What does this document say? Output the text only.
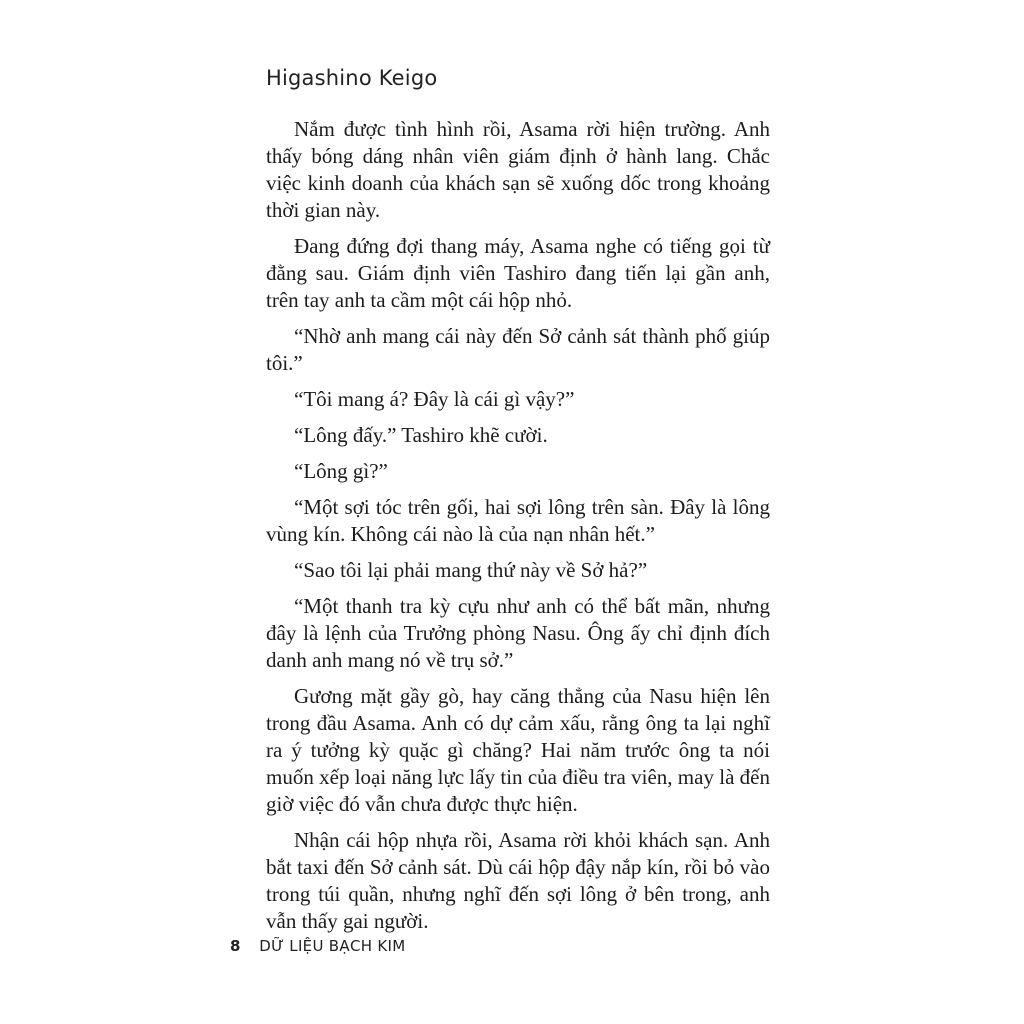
Higashino Keigo

Nắm được tình hình rồi, Asama rời hiện trường. Anh thấy bóng dáng nhân viên giám định ở hành lang. Chắc việc kinh doanh của khách sạn sẽ xuống dốc trong khoảng thời gian này.

Đang đứng đợi thang máy, Asama nghe có tiếng gọi từ đằng sau. Giám định viên Tashiro đang tiến lại gần anh, trên tay anh ta cầm một cái hộp nhỏ.

“Nhờ anh mang cái này đến Sở cảnh sát thành phố giúp tôi.”

“Tôi mang á? Đây là cái gì vậy?”

“Lông đấy.” Tashiro khẽ cười.

“Lông gì?”

“Một sợi tóc trên gối, hai sợi lông trên sàn. Đây là lông vùng kín. Không cái nào là của nạn nhân hết.”

“Sao tôi lại phải mang thứ này về Sở hả?”

“Một thanh tra kỳ cựu như anh có thể bất mãn, nhưng đây là lệnh của Trưởng phòng Nasu. Ông ấy chỉ định đích danh anh mang nó về trụ sở.”

Gương mặt gầy gò, hay căng thẳng của Nasu hiện lên trong đầu Asama. Anh có dự cảm xấu, rằng ông ta lại nghĩ ra ý tưởng kỳ quặc gì chăng? Hai năm trước ông ta nói muốn xếp loại năng lực lấy tin của điều tra viên, may là đến giờ việc đó vẫn chưa được thực hiện.

Nhận cái hộp nhựa rồi, Asama rời khỏi khách sạn. Anh bắt taxi đến Sở cảnh sát. Dù cái hộp đậy nắp kín, rồi bỏ vào trong túi quần, nhưng nghĩ đến sợi lông ở bên trong, anh vẫn thấy gai người.

8 DỮ LIỆU BẠCH KIM
